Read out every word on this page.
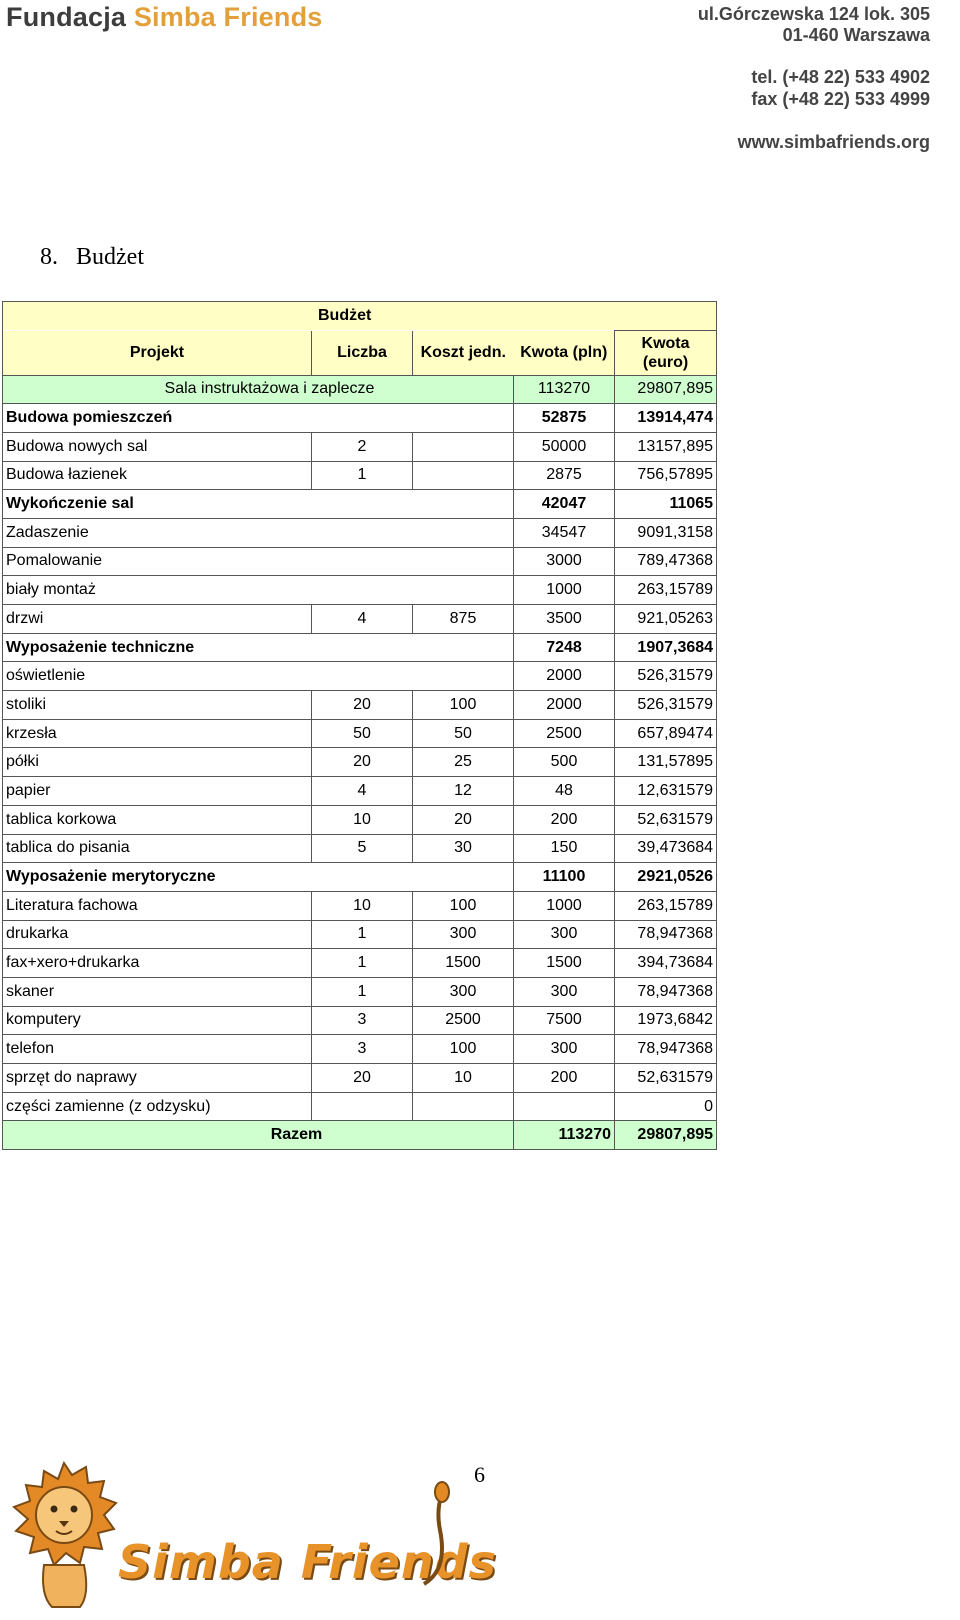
Fundacja Simba Friends	ul.Górczewska 124 lok. 305
01-460 Warszawa
tel. (+48 22) 533 4902
fax (+48 22) 533 4999
www.simbafriends.org
8. Budżet
Budżet				
Projekt	Liczba	Koszt jedn.	Kwota (pln)	Kwota (euro)
Sala instruktażowa i zaplecze			113270	29807,895
Budowa pomieszczeń			52875	13914,474
Budowa nowych sal	2		50000	13157,895
Budowa łazienek	1		2875	756,57895
Wykończenie sal			42047	11065
Zadaszenie			34547	9091,3158
Pomalowanie			3000	789,47368
biały montaż			1000	263,15789
drzwi	4	875	3500	921,05263
Wyposażenie techniczne			7248	1907,3684
oświetlenie			2000	526,31579
stoliki	20	100	2000	526,31579
krzesła	50	50	2500	657,89474
półki	20	25	500	131,57895
papier	4	12	48	12,631579
tablica korkowa	10	20	200	52,631579
tablica do pisania	5	30	150	39,473684
Wyposażenie merytoryczne			11100	2921,0526
Literatura fachowa	10	100	1000	263,15789
drukarka	1	300	300	78,947368
fax+xero+drukarka	1	1500	1500	394,73684
skaner	1	300	300	78,947368
komputery	3	2500	7500	1973,6842
telefon	3	100	300	78,947368
sprzęt do naprawy	20	10	200	52,631579
części zamienne (z odzysku)				0
Razem			113270	29807,895
6
Simba Friends
